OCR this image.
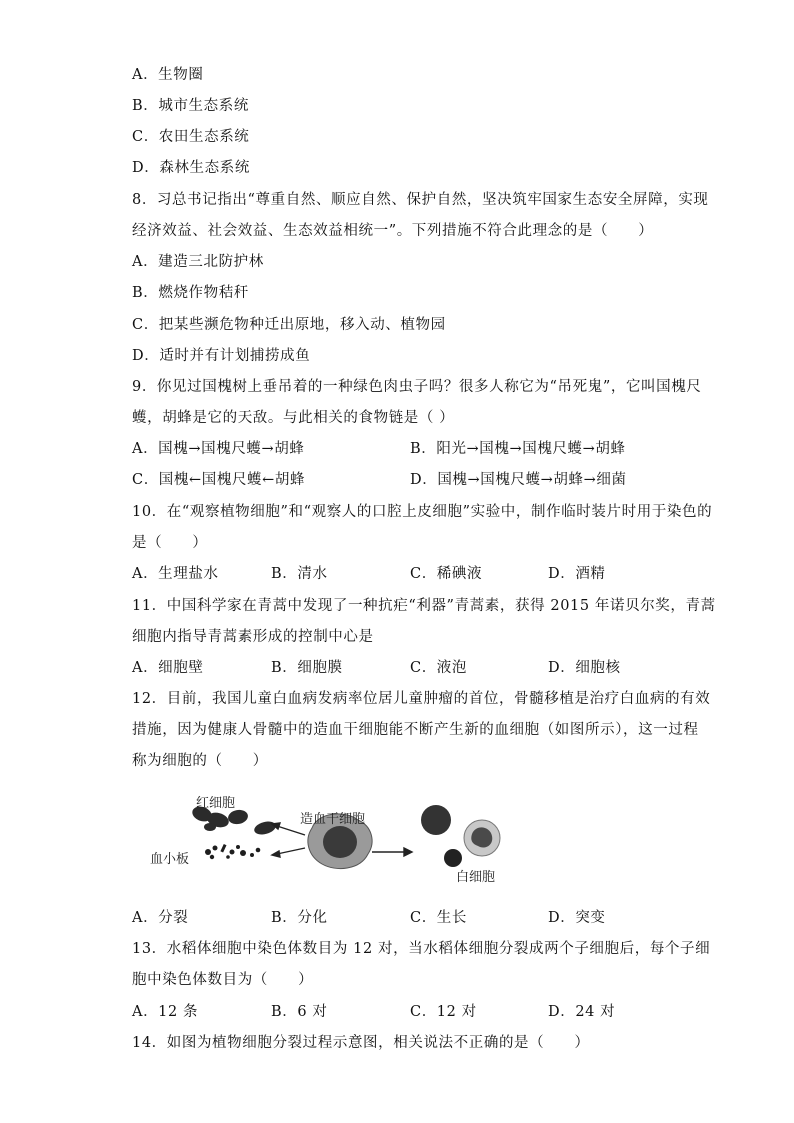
A．生物圈
B．城市生态系统
C．农田生态系统
D．森林生态系统
8．习总书记指出“尊重自然、顺应自然、保护自然，坚决筑牢国家生态安全屏障，实现
经济效益、社会效益、生态效益相统一”。下列措施不符合此理念的是（　　）
A．建造三北防护林
B．燃烧作物秸秆
C．把某些濒危物种迁出原地，移入动、植物园
D．适时并有计划捕捞成鱼
9．你见过国槐树上垂吊着的一种绿色肉虫子吗？很多人称它为“吊死鬼”，它叫国槐尺
蠖，胡蜂是它的天敌。与此相关的食物链是（ ）
A．国槐→国槐尺蠖→胡蜂	B．阳光→国槐→国槐尺蠖→胡蜂
C．国槐←国槐尺蠖←胡蜂	D．国槐→国槐尺蠖→胡蜂→细菌
10．在“观察植物细胞”和“观察人的口腔上皮细胞”实验中，制作临时装片时用于染色的
是（　　）
A．生理盐水	B．清水	C．稀碘液	D．酒精
11．中国科学家在青蒿中发现了一种抗疟“利器”青蒿素，获得 2015 年诺贝尔奖，青蒿
细胞内指导青蒿素形成的控制中心是
A．细胞壁	B．细胞膜	C．液泡	D．细胞核
12．目前，我国儿童白血病发病率位居儿童肿瘤的首位，骨髓移植是治疗白血病的有效
措施，因为健康人骨髓中的造血干细胞能不断产生新的血细胞（如图所示），这一过程
称为细胞的（　　）
红细胞
造血干细胞
血小板
白细胞
A．分裂	B．分化	C．生长	D．突变
13．水稻体细胞中染色体数目为 12 对，当水稻体细胞分裂成两个子细胞后，每个子细
胞中染色体数目为（　　）
A．12 条	B．6 对	C．12 对	D．24 对
14．如图为植物细胞分裂过程示意图，相关说法不正确的是（　　）
